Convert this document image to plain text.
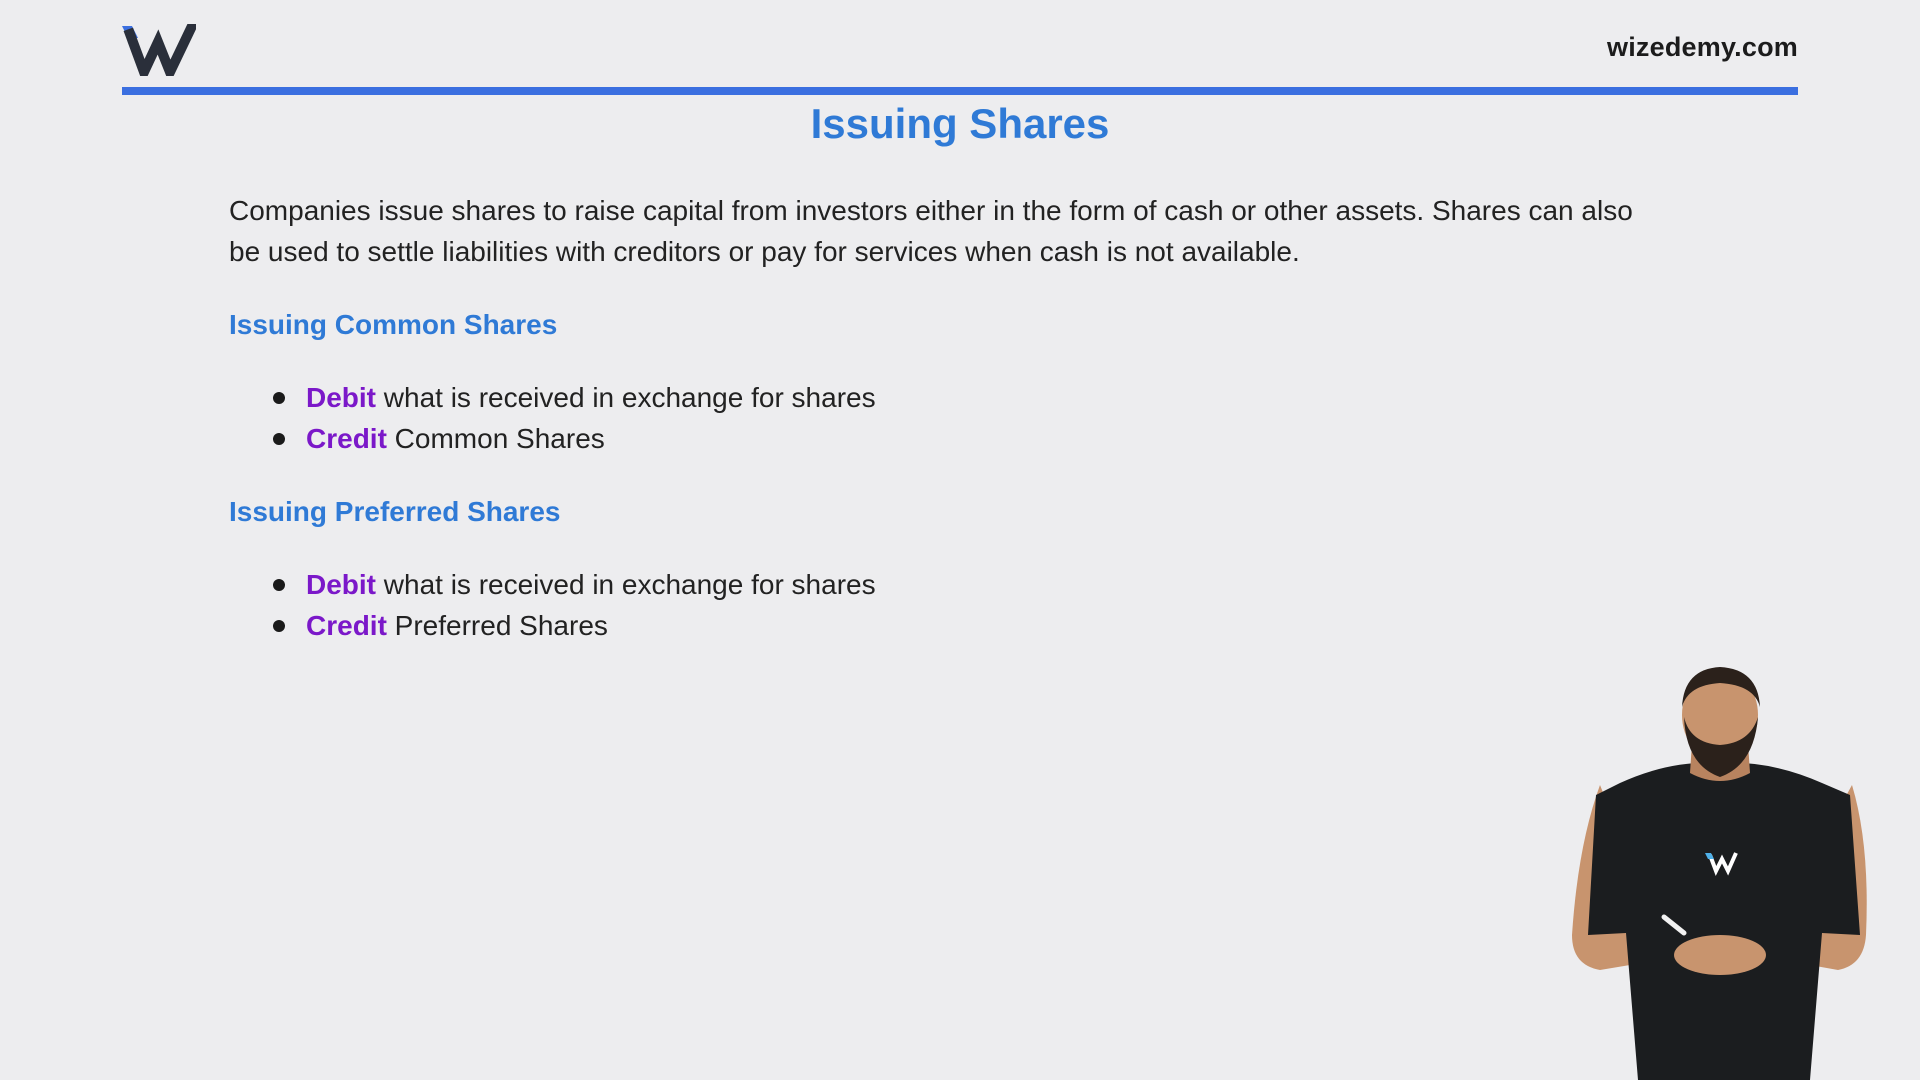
wizedemy.com
Issuing Shares

Companies issue shares to raise capital from investors either in the form of cash or other assets. Shares can also be used to settle liabilities with creditors or pay for services when cash is not available.

Issuing Common Shares
Debit what is received in exchange for shares
Credit Common Shares
Issuing Preferred Shares
Debit what is received in exchange for shares
Credit Preferred Shares
